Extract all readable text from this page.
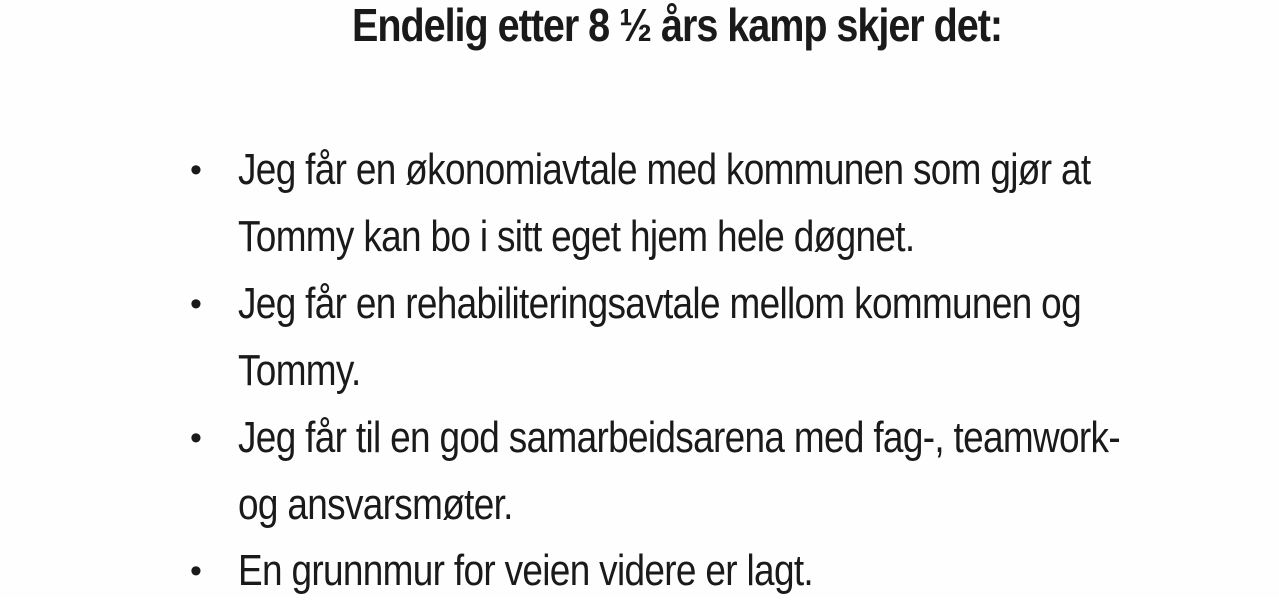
Endelig etter 8 ½ års kamp skjer det:
• Jeg får en økonomiavtale med kommunen som gjør at
Tommy kan bo i sitt eget hjem hele døgnet.
• Jeg får en rehabiliteringsavtale mellom kommunen og
Tommy.
• Jeg får til en god samarbeidsarena med fag-, teamwork-
og ansvarsmøter.
• En grunnmur for veien videre er lagt.
